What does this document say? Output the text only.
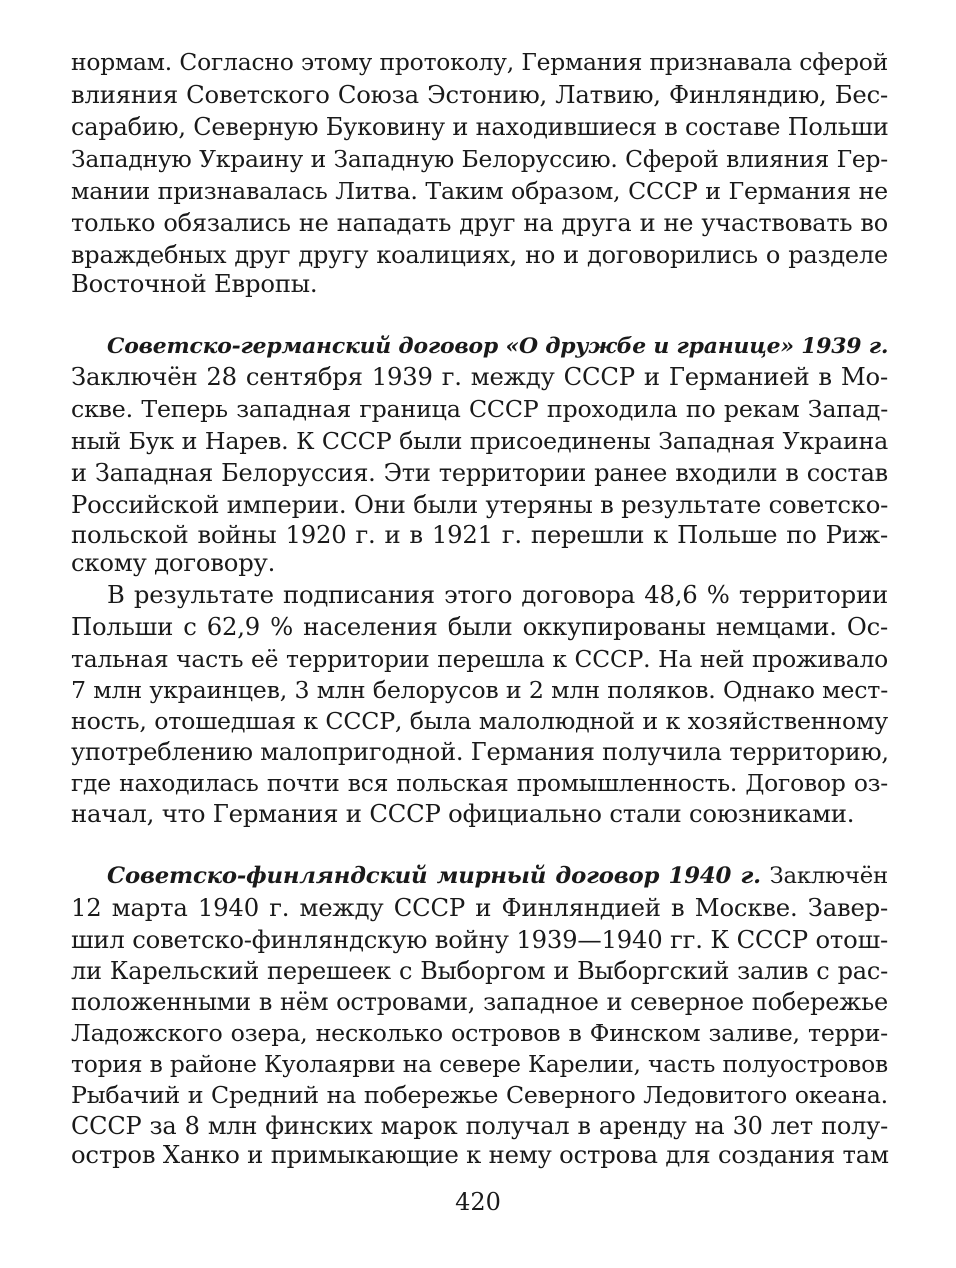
нормам. Согласно этому протоколу, Германия признавала сферой
влияния Советского Союза Эстонию, Латвию, Финляндию, Бес-
сарабию, Северную Буковину и находившиеся в составе Польши
Западную Украину и Западную Белоруссию. Сферой влияния Гер-
мании признавалась Литва. Таким образом, СССР и Германия не
только обязались не нападать друг на друга и не участвовать во
враждебных друг другу коалициях, но и договорились о разделе
Восточной Европы.
Советско-германский договор «О дружбе и границе» 1939 г.
Заключён 28 сентября 1939 г. между СССР и Германией в Мо-
скве. Теперь западная граница СССР проходила по рекам Запад-
ный Бук и Нарев. К СССР были присоединены Западная Украина
и Западная Белоруссия. Эти территории ранее входили в состав
Российской империи. Они были утеряны в результате советско-
польской войны 1920 г. и в 1921 г. перешли к Польше по Риж-
скому договору.
В результате подписания этого договора 48,6 % территории
Польши с 62,9 % населения были оккупированы немцами. Ос-
тальная часть её территории перешла к СССР. На ней проживало
7 млн украинцев, 3 млн белорусов и 2 млн поляков. Однако мест-
ность, отошедшая к СССР, была малолюдной и к хозяйственному
употреблению малопригодной. Германия получила территорию,
где находилась почти вся польская промышленность. Договор оз-
начал, что Германия и СССР официально стали союзниками.
Советско-финляндский мирный договор 1940 г. Заключён
12 марта 1940 г. между СССР и Финляндией в Москве. Завер-
шил советско-финляндскую войну 1939—1940 гг. К СССР отош-
ли Карельский перешеек с Выборгом и Выборгский залив с рас-
положенными в нём островами, западное и северное побережье
Ладожского озера, несколько островов в Финском заливе, терри-
тория в районе Куолаярви на севере Карелии, часть полуостровов
Рыбачий и Средний на побережье Северного Ледовитого океана.
СССР за 8 млн финских марок получал в аренду на 30 лет полу-
остров Ханко и примыкающие к нему острова для создания там
420
